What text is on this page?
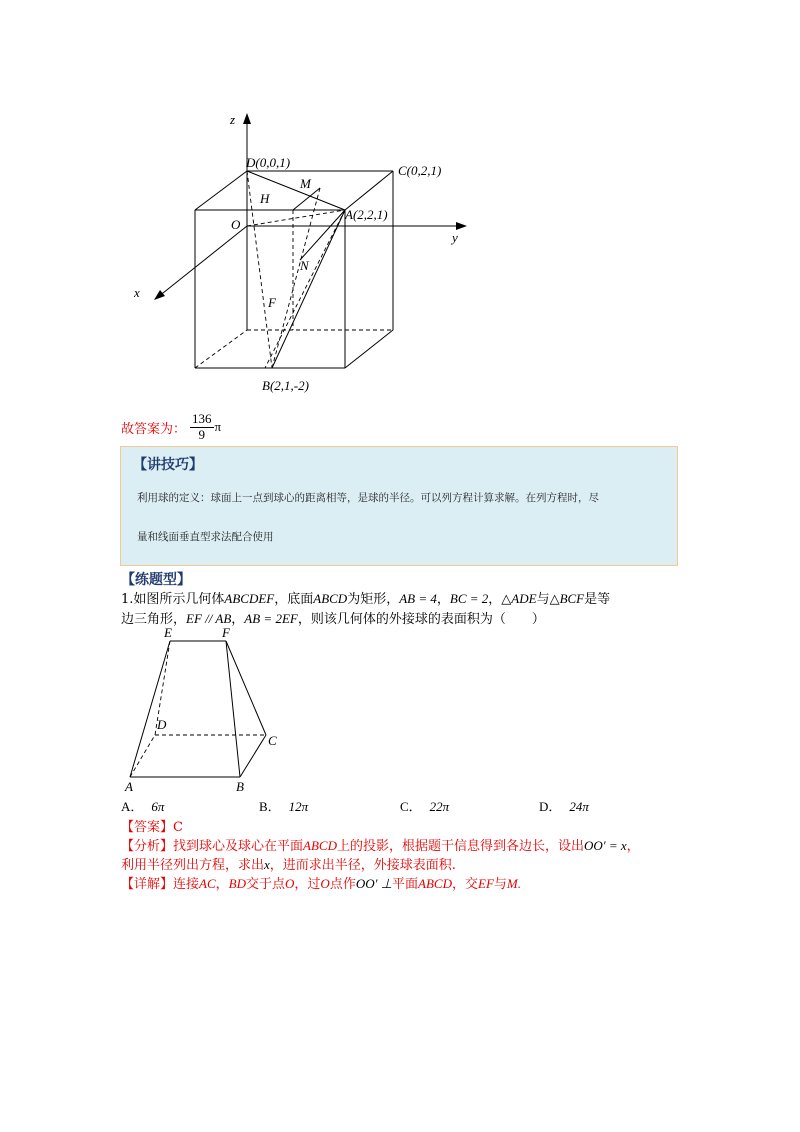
z
y
x
D(0,0,1)
C(0,2,1)
A(2,2,1)
B(2,1,-2)
O
H
M
N
F
故答案为： $\frac{136}{9}$ π
【讲技巧】
利用球的定义：球面上一点到球心的距离相等，是球的半径。可以列方程计算求解。在列方程时，尽
量和线面垂直型求法配合使用
【练题型】
1.如图所示几何体ABCDEF，底面ABCD为矩形，AB = 4，BC = 2，△ADE与△BCF是等
边三角形，EF // AB，AB = 2EF，则该几何体的外接球的表面积为（　　）
E	F
D
C
A	B
A． 6π	B． 12π	C． 22π	D． 24π
【答案】C
【分析】找到球心及球心在平面ABCD上的投影，根据题干信息得到各边长，设出OO′ = x，
利用半径列出方程，求出x，进而求出半径，外接球表面积.
【详解】连接AC，BD交于点O，过O点作OO′ ⊥平面ABCD，交EF与M.
